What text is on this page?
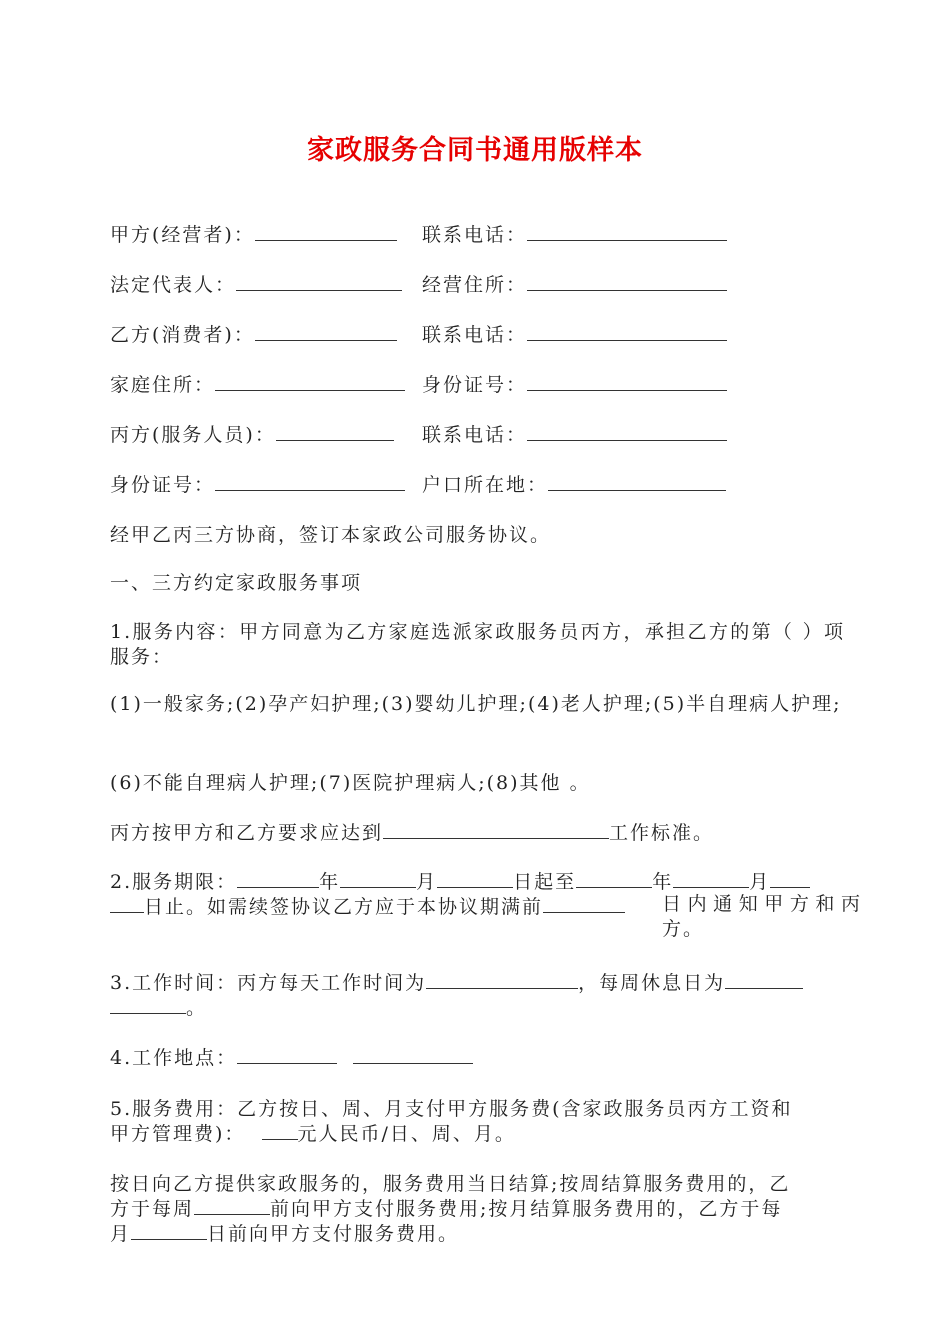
家政服务合同书通用版样本
甲方(经营者)：	联系电话：
法定代表人：	经营住所：
乙方(消费者)：	联系电话：
家庭住所：	身份证号：
丙方(服务人员)：	联系电话：
身份证号：	户口所在地：
经甲乙丙三方协商，签订本家政公司服务协议。
一、三方约定家政服务事项
1.服务内容：甲方同意为乙方家庭选派家政服务员丙方，承担乙方的第（ ）项服务：
(1)一般家务;(2)孕产妇护理;(3)婴幼儿护理;(4)老人护理;(5)半自理病人护理;
(6)不能自理病人护理;(7)医院护理病人;(8)其他 。
丙方按甲方和乙方要求应达到	工作标准。
2.服务期限：	年	月	日起至	年	月
日止。如需续签协议乙方应于本协议期满前	日内通知甲方和丙方。
3.工作时间：丙方每天工作时间为	，每周休息日为
。
4.工作地点：
5.服务费用：乙方按日、周、月支付甲方服务费(含家政服务员丙方工资和
甲方管理费)：	元人民币/日、周、月。
按日向乙方提供家政服务的，服务费用当日结算;按周结算服务费用的，乙
方于每周	前向甲方支付服务费用;按月结算服务费用的，乙方于每
月	日前向甲方支付服务费用。
